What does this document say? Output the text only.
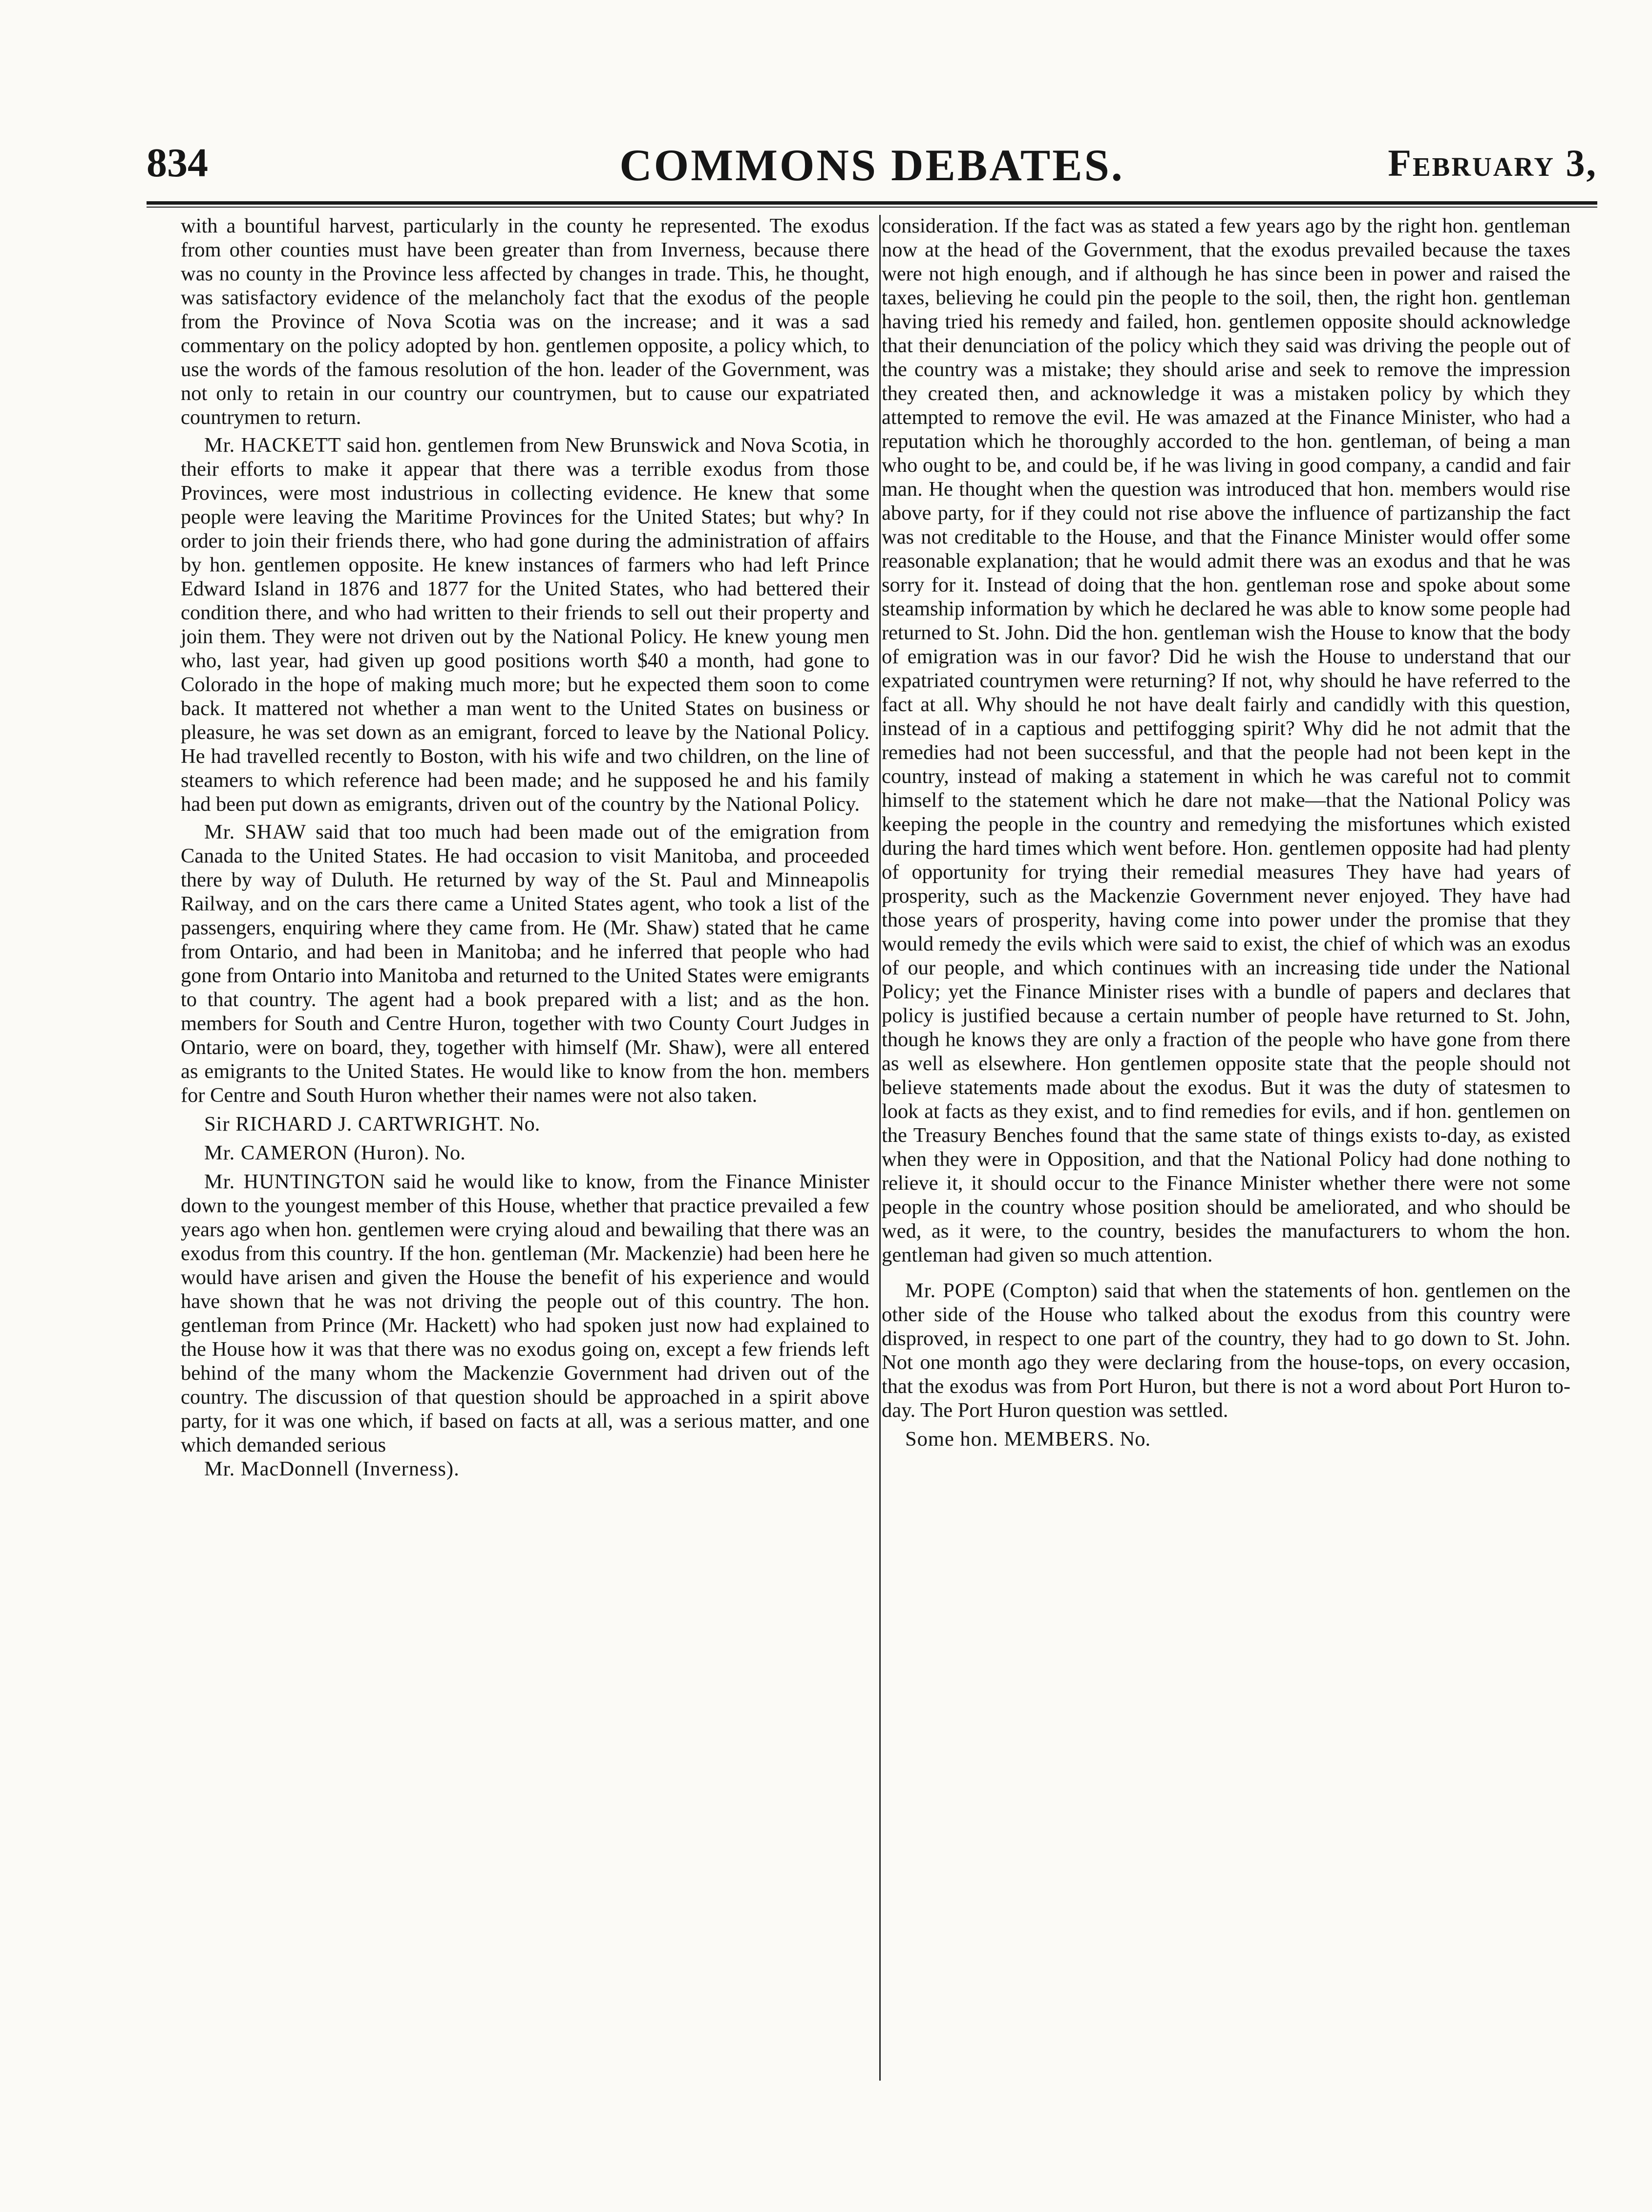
834	COMMONS DEBATES.	February 3,

with a bountiful harvest, particularly in the county he represented. The exodus from other counties must have been greater than from Inverness, because there was no county in the Province less affected by changes in trade. This, he thought, was satisfactory evidence of the melancholy fact that the exodus of the people from the Province of Nova Scotia was on the increase; and it was a sad commentary on the policy adopted by hon. gentlemen opposite, a policy which, to use the words of the famous resolution of the hon. leader of the Government, was not only to retain in our country our countrymen, but to cause our expatriated countrymen to return.

Mr. HACKETT said hon. gentlemen from New Brunswick and Nova Scotia, in their efforts to make it appear that there was a terrible exodus from those Provinces, were most industrious in collecting evidence. He knew that some people were leaving the Maritime Provinces for the United States; but why? In order to join their friends there, who had gone during the administration of affairs by hon. gentlemen opposite. He knew instances of farmers who had left Prince Edward Island in 1876 and 1877 for the United States, who had bettered their condition there, and who had written to their friends to sell out their property and join them. They were not driven out by the National Policy. He knew young men who, last year, had given up good positions worth $40 a month, had gone to Colorado in the hope of making much more; but he expected them soon to come back. It mattered not whether a man went to the United States on business or pleasure, he was set down as an emigrant, forced to leave by the National Policy. He had travelled recently to Boston, with his wife and two children, on the line of steamers to which reference had been made; and he supposed he and his family had been put down as emigrants, driven out of the country by the National Policy.

Mr. SHAW said that too much had been made out of the emigration from Canada to the United States. He had occasion to visit Manitoba, and proceeded there by way of Duluth. He returned by way of the St. Paul and Minneapolis Railway, and on the cars there came a United States agent, who took a list of the passengers, enquiring where they came from. He (Mr. Shaw) stated that he came from Ontario, and had been in Manitoba; and he inferred that people who had gone from Ontario into Manitoba and returned to the United States were emigrants to that country. The agent had a book prepared with a list; and as the hon. members for South and Centre Huron, together with two County Court Judges in Ontario, were on board, they, together with himself (Mr. Shaw), were all entered as emigrants to the United States. He would like to know from the hon. members for Centre and South Huron whether their names were not also taken.

Sir RICHARD J. CARTWRIGHT. No.

Mr. CAMERON (Huron). No.

Mr. HUNTINGTON said he would like to know, from the Finance Minister down to the youngest member of this House, whether that practice prevailed a few years ago when hon. gentlemen were crying aloud and bewailing that there was an exodus from this country. If the hon. gentleman (Mr. Mackenzie) had been here he would have arisen and given the House the benefit of his experience and would have shown that he was not driving the people out of this country. The hon. gentleman from Prince (Mr. Hackett) who had spoken just now had explained to the House how it was that there was no exodus going on, except a few friends left behind of the many whom the Mackenzie Government had driven out of the country. The discussion of that question should be approached in a spirit above party, for it was one which, if based on facts at all, was a serious matter, and one which demanded serious

Mr. MacDonnell (Inverness).

consideration. If the fact was as stated a few years ago by the right hon. gentleman now at the head of the Government, that the exodus prevailed because the taxes were not high enough, and if although he has since been in power and raised the taxes, believing he could pin the people to the soil, then, the right hon. gentleman having tried his remedy and failed, hon. gentlemen opposite should acknowledge that their denunciation of the policy which they said was driving the people out of the country was a mistake; they should arise and seek to remove the impression they created then, and acknowledge it was a mistaken policy by which they attempted to remove the evil. He was amazed at the Finance Minister, who had a reputation which he thoroughly accorded to the hon. gentleman, of being a man who ought to be, and could be, if he was living in good company, a candid and fair man. He thought when the question was introduced that hon. members would rise above party, for if they could not rise above the influence of partizanship the fact was not creditable to the House, and that the Finance Minister would offer some reasonable explanation; that he would admit there was an exodus and that he was sorry for it. Instead of doing that the hon. gentleman rose and spoke about some steamship information by which he declared he was able to know some people had returned to St. John. Did the hon. gentleman wish the House to know that the body of emigration was in our favor? Did he wish the House to understand that our expatriated countrymen were returning? If not, why should he have referred to the fact at all. Why should he not have dealt fairly and candidly with this question, instead of in a captious and pettifogging spirit? Why did he not admit that the remedies had not been successful, and that the people had not been kept in the country, instead of making a statement in which he was careful not to commit himself to the statement which he dare not make—that the National Policy was keeping the people in the country and remedying the misfortunes which existed during the hard times which went before. Hon. gentlemen opposite had had plenty of opportunity for trying their remedial measures They have had years of prosperity, such as the Mackenzie Government never enjoyed. They have had those years of prosperity, having come into power under the promise that they would remedy the evils which were said to exist, the chief of which was an exodus of our people, and which continues with an increasing tide under the National Policy; yet the Finance Minister rises with a bundle of papers and declares that policy is justified because a certain number of people have returned to St. John, though he knows they are only a fraction of the people who have gone from there as well as elsewhere. Hon gentlemen opposite state that the people should not believe statements made about the exodus. But it was the duty of statesmen to look at facts as they exist, and to find remedies for evils, and if hon. gentlemen on the Treasury Benches found that the same state of things exists to-day, as existed when they were in Opposition, and that the National Policy had done nothing to relieve it, it should occur to the Finance Minister whether there were not some people in the country whose position should be ameliorated, and who should be wed, as it were, to the country, besides the manufacturers to whom the hon. gentleman had given so much attention.

Mr. POPE (Compton) said that when the statements of hon. gentlemen on the other side of the House who talked about the exodus from this country were disproved, in respect to one part of the country, they had to go down to St. John. Not one month ago they were declaring from the house-tops, on every occasion, that the exodus was from Port Huron, but there is not a word about Port Huron to-day. The Port Huron question was settled.

Some hon. MEMBERS. No.
